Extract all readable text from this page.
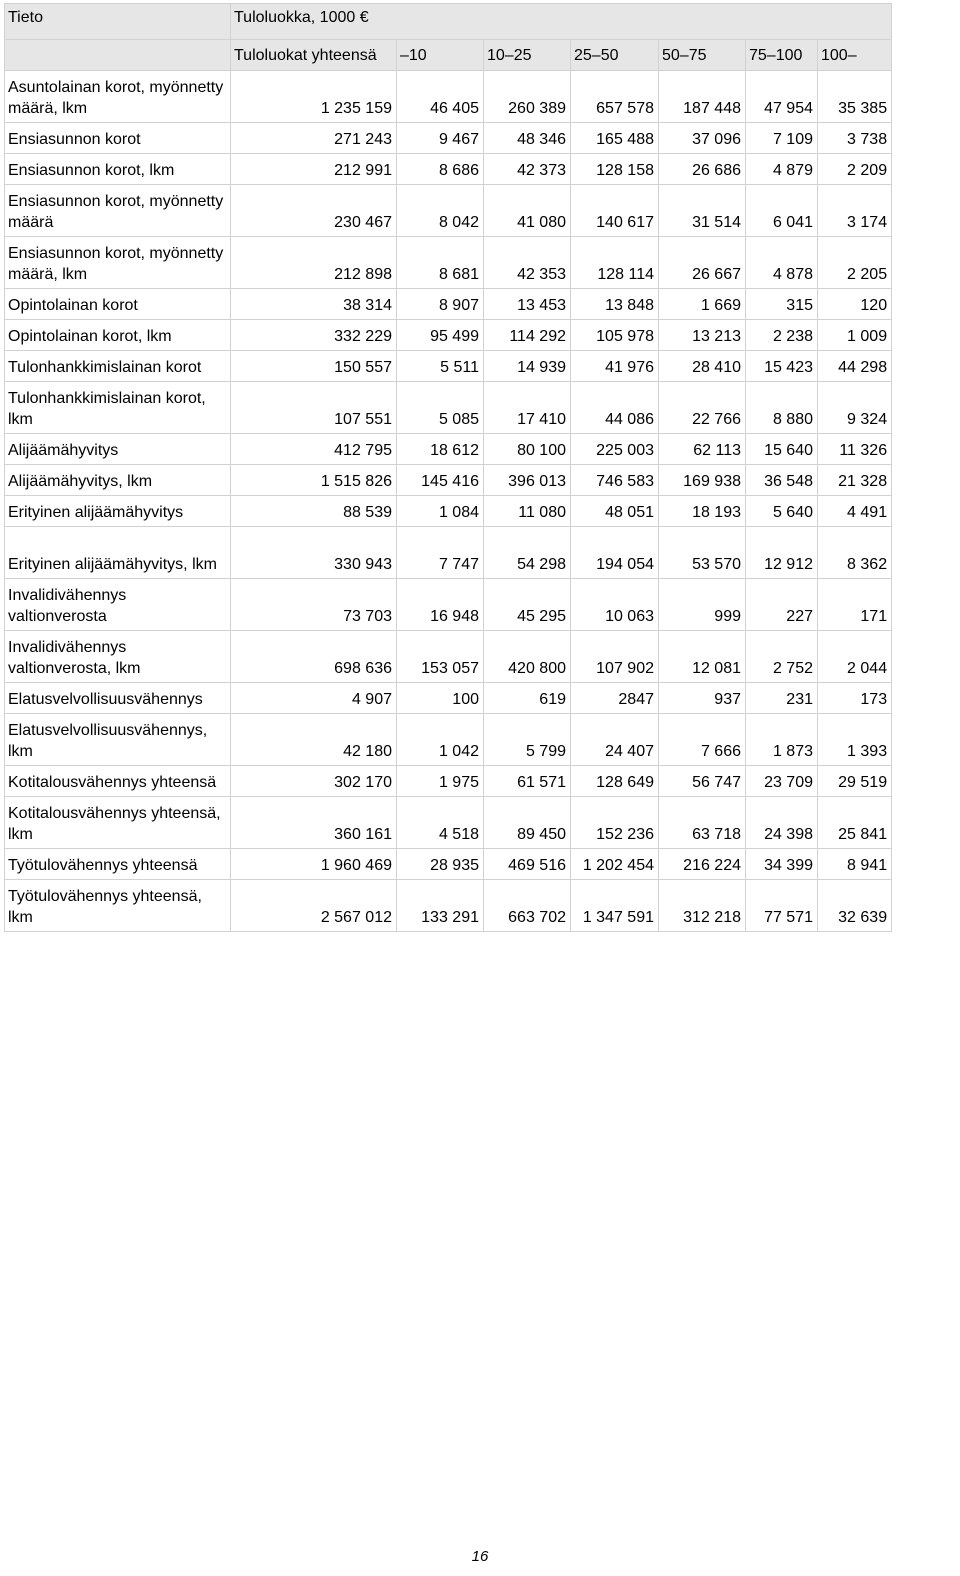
Tieto	Tuloluokka, 1000 €						
	Tuloluokat yhteensä	–10	10–25	25–50	50–75	75–100	100–
Asuntolainan korot, myönnetty määrä, lkm	1 235 159	46 405	260 389	657 578	187 448	47 954	35 385
Ensiasunnon korot	271 243	9 467	48 346	165 488	37 096	7 109	3 738
Ensiasunnon korot, lkm	212 991	8 686	42 373	128 158	26 686	4 879	2 209
Ensiasunnon korot, myönnetty määrä	230 467	8 042	41 080	140 617	31 514	6 041	3 174
Ensiasunnon korot, myönnetty määrä, lkm	212 898	8 681	42 353	128 114	26 667	4 878	2 205
Opintolainan korot	38 314	8 907	13 453	13 848	1 669	315	120
Opintolainan korot, lkm	332 229	95 499	114 292	105 978	13 213	2 238	1 009
Tulonhankkimislainan korot	150 557	5 511	14 939	41 976	28 410	15 423	44 298
Tulonhankkimislainan korot, lkm	107 551	5 085	17 410	44 086	22 766	8 880	9 324
Alijäämähyvitys	412 795	18 612	80 100	225 003	62 113	15 640	11 326
Alijäämähyvitys, lkm	1 515 826	145 416	396 013	746 583	169 938	36 548	21 328
Erityinen alijäämähyvitys	88 539	1 084	11 080	48 051	18 193	5 640	4 491
Erityinen alijäämähyvitys, lkm	330 943	7 747	54 298	194 054	53 570	12 912	8 362
Invalidivähennys valtionverosta	73 703	16 948	45 295	10 063	999	227	171
Invalidivähennys valtionverosta, lkm	698 636	153 057	420 800	107 902	12 081	2 752	2 044
Elatusvelvollisuusvähennys	4 907	100	619	2847	937	231	173
Elatusvelvollisuusvähennys, lkm	42 180	1 042	5 799	24 407	7 666	1 873	1 393
Kotitalousvähennys yhteensä	302 170	1 975	61 571	128 649	56 747	23 709	29 519
Kotitalousvähennys yhteensä, lkm	360 161	4 518	89 450	152 236	63 718	24 398	25 841
Työtulovähennys yhteensä	1 960 469	28 935	469 516	1 202 454	216 224	34 399	8 941
Työtulovähennys yhteensä, lkm	2 567 012	133 291	663 702	1 347 591	312 218	77 571	32 639
16
